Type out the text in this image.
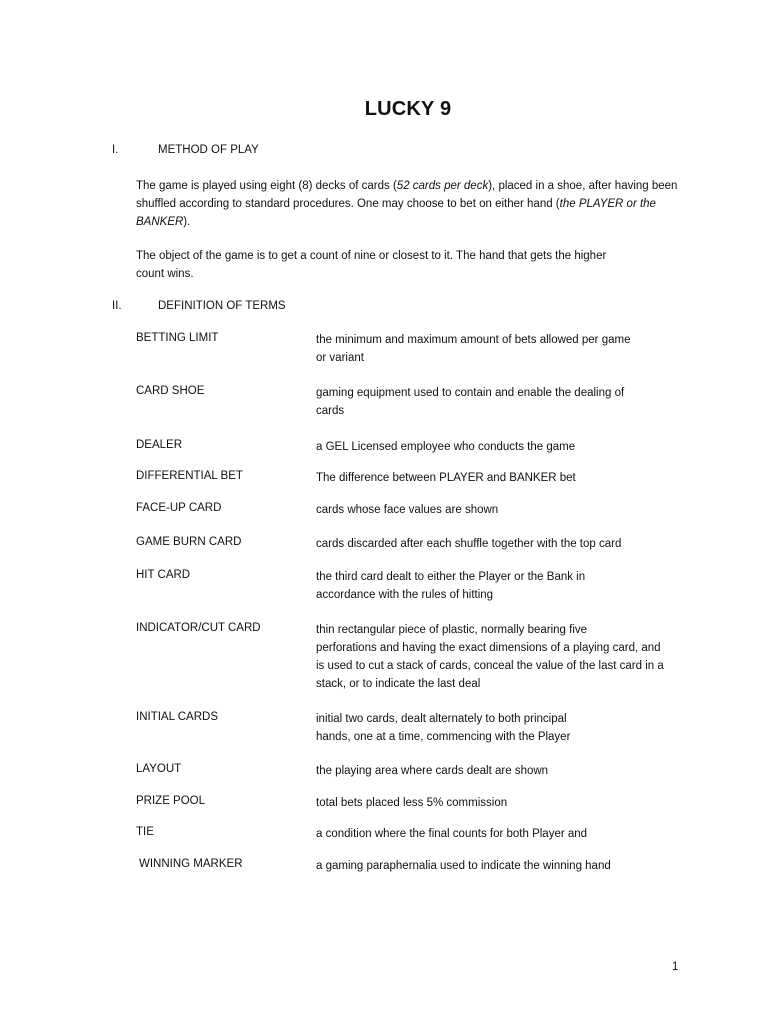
LUCKY 9
I.	METHOD OF PLAY
The game is played using eight (8) decks of cards (52 cards per deck), placed in a shoe, after having been shuffled according to standard procedures. One may choose to bet on either hand (the PLAYER or the BANKER).
The object of the game is to get a count of nine or closest to it. The hand that gets the higher
count wins.
II.	DEFINITION OF TERMS
BETTING LIMIT	the minimum and maximum amount of bets allowed per game
or variant
CARD SHOE	gaming equipment used to contain and enable the dealing of
cards
DEALER	a GEL Licensed employee who conducts the game
DIFFERENTIAL BET	The difference between PLAYER and BANKER bet
FACE-UP CARD	cards whose face values are shown
GAME BURN CARD	cards discarded after each shuffle together with the top card
HIT CARD	the third card dealt to either the Player or the Bank in
accordance with the rules of hitting
INDICATOR/CUT CARD	thin rectangular piece of plastic, normally bearing five
perforations and having the exact dimensions of a playing card, and
is used to cut a stack of cards, conceal the value of the last card in a
stack, or to indicate the last deal
INITIAL CARDS	initial two cards, dealt alternately to both principal
hands, one at a time, commencing with the Player
LAYOUT	the playing area where cards dealt are shown
PRIZE POOL	total bets placed less 5% commission
TIE	a condition where the final counts for both Player and
WINNING MARKER	a gaming paraphernalia used to indicate the winning hand
1
